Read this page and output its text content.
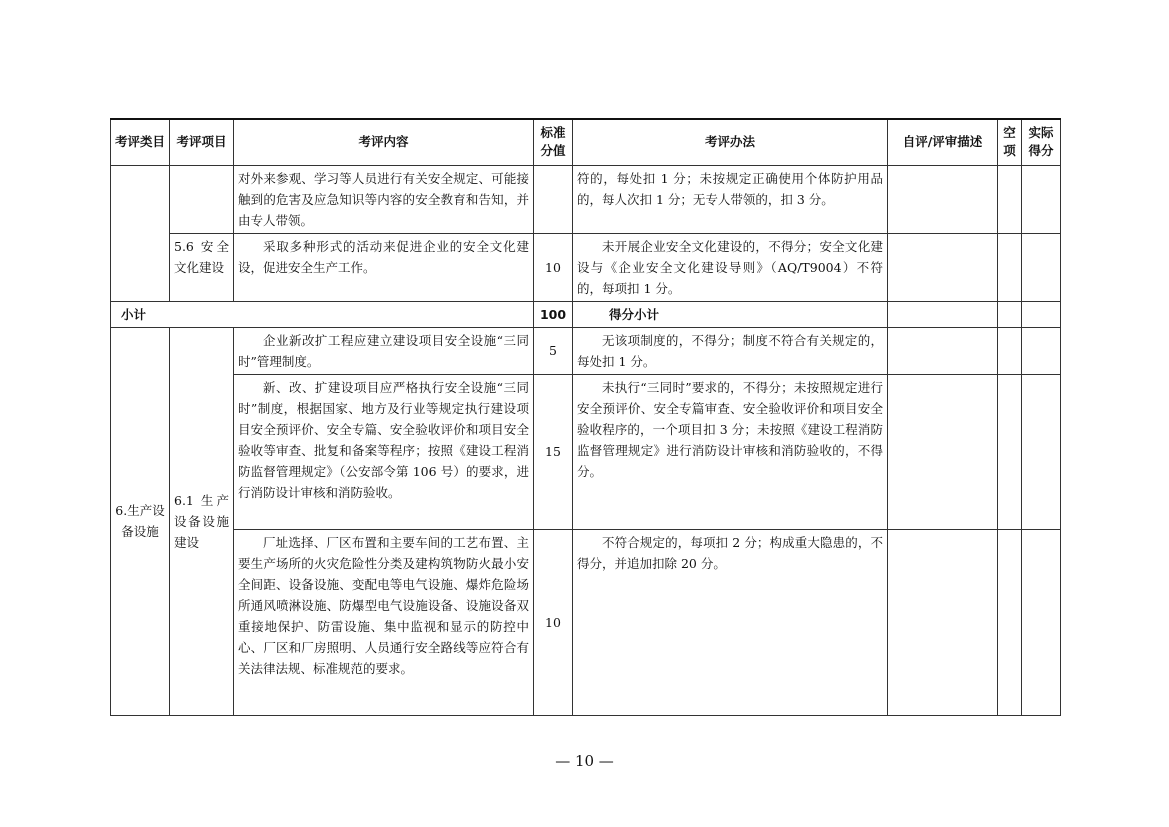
考评类目	考评项目	考评内容	标准分值	考评办法	自评/评审描述	空项	实际得分
		对外来参观、学习等人员进行有关安全规定、可能接触到的危害及应急知识等内容的安全教育和告知，并由专人带领。		符的，每处扣 1 分；未按规定正确使用个体防护用品的，每人次扣 1 分；无专人带领的，扣 3 分。			
	5.6 安全文化建设	采取多种形式的活动来促进企业的安全文化建设，促进安全生产工作。	10	未开展企业安全文化建设的，不得分；安全文化建设与《企业安全文化建设导则》（AQ/T9004）不符的，每项扣 1 分。			
小计			100	得分小计			
6.生产设备设施	6.1 生产设备设施建设	企业新改扩工程应建立建设项目安全设施“三同时”管理制度。	5	无该项制度的，不得分；制度不符合有关规定的，每处扣 1 分。			
		新、改、扩建设项目应严格执行安全设施“三同时”制度，根据国家、地方及行业等规定执行建设项目安全预评价、安全专篇、安全验收评价和项目安全验收等审查、批复和备案等程序；按照《建设工程消防监督管理规定》（公安部令第 106 号）的要求，进行消防设计审核和消防验收。	15	未执行“三同时”要求的，不得分；未按照规定进行安全预评价、安全专篇审查、安全验收评价和项目安全验收程序的，一个项目扣 3 分；未按照《建设工程消防监督管理规定》进行消防设计审核和消防验收的，不得分。			
		厂址选择、厂区布置和主要车间的工艺布置、主要生产场所的火灾危险性分类及建构筑物防火最小安全间距、设备设施、变配电等电气设施、爆炸危险场所通风喷淋设施、防爆型电气设施设备、设施设备双重接地保护、防雷设施、集中监视和显示的防控中心、厂区和厂房照明、人员通行安全路线等应符合有关法律法规、标准规范的要求。	10	不符合规定的，每项扣 2 分；构成重大隐患的，不得分，并追加扣除 20 分。			
— 10 —
